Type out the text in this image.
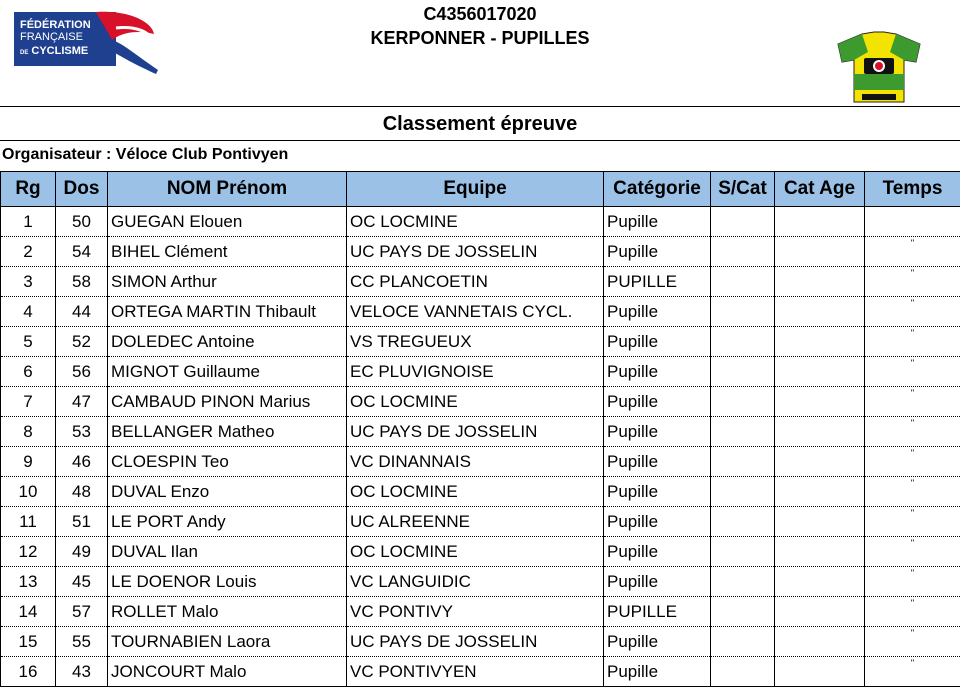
FÉDÉRATION
FRANÇAISE
DE CYCLISME
C4356017020
KERPONNER - PUPILLES
Classement épreuve
Organisateur : Véloce Club Pontivyen
Rg	Dos	NOM Prénom	Equipe	Catégorie	S/Cat	Cat Age	Temps
1	50	GUEGAN Elouen	OC LOCMINE	Pupille			
2	54	BIHEL Clément	UC PAYS DE JOSSELIN	Pupille			"
3	58	SIMON Arthur	CC PLANCOETIN	PUPILLE			"
4	44	ORTEGA MARTIN Thibault	VELOCE VANNETAIS CYCL.	Pupille			"
5	52	DOLEDEC Antoine	VS TREGUEUX	Pupille			"
6	56	MIGNOT Guillaume	EC PLUVIGNOISE	Pupille			"
7	47	CAMBAUD PINON Marius	OC LOCMINE	Pupille			"
8	53	BELLANGER Matheo	UC PAYS DE JOSSELIN	Pupille			"
9	46	CLOESPIN Teo	VC DINANNAIS	Pupille			"
10	48	DUVAL Enzo	OC LOCMINE	Pupille			"
11	51	LE PORT Andy	UC ALREENNE	Pupille			"
12	49	DUVAL Ilan	OC LOCMINE	Pupille			"
13	45	LE DOENOR Louis	VC LANGUIDIC	Pupille			"
14	57	ROLLET Malo	VC PONTIVY	PUPILLE			"
15	55	TOURNABIEN Laora	UC PAYS DE JOSSELIN	Pupille			"
16	43	JONCOURT Malo	VC PONTIVYEN	Pupille			"
